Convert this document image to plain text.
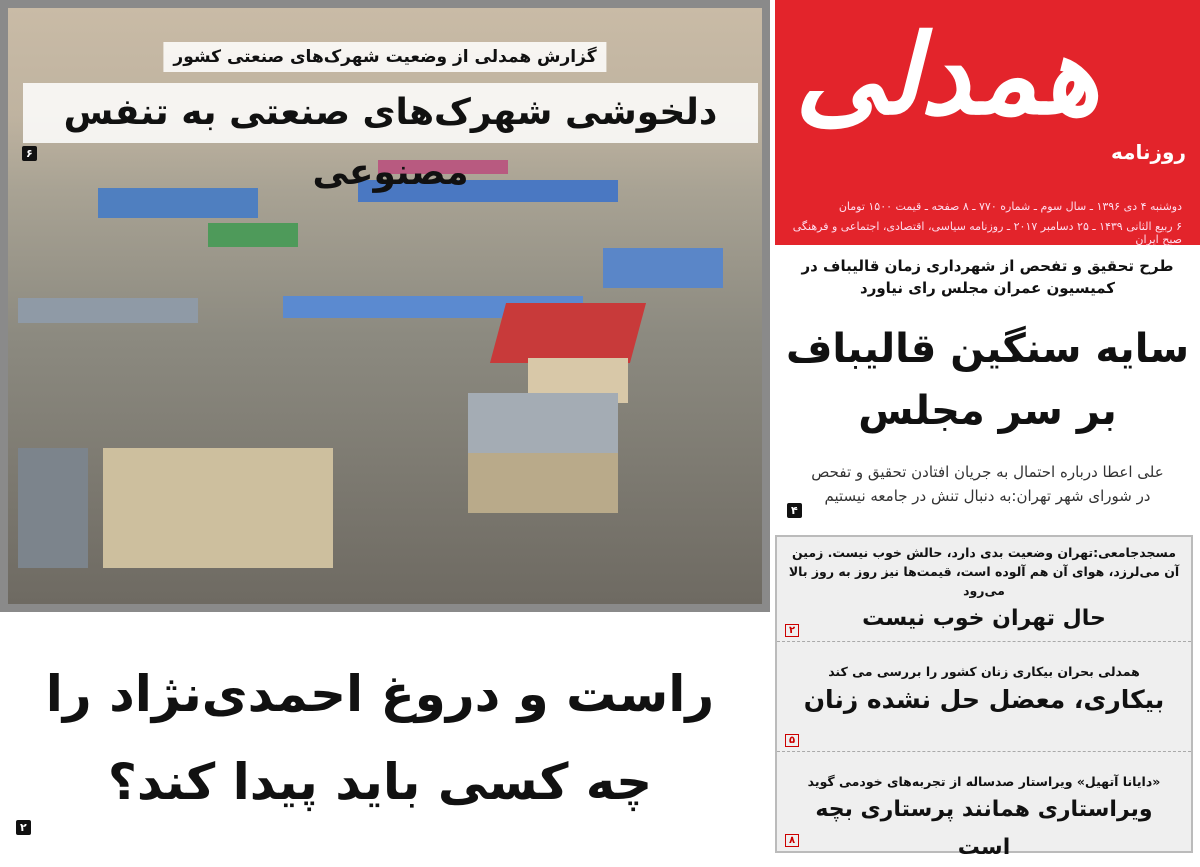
گزارش همدلی از وضعیت شهرک‌های صنعتی کشور
دلخوشی شهرک‌های صنعتی به تنفس مصنوعی
۶
راست و دروغ احمدی‌نژاد را
چه کسی باید پیدا کند؟
۲
همدلی
روزنامه
دوشنبه ۴ دی ۱۳۹۶ ـ سال سوم ـ شماره ۷۷۰ ـ ۸ صفحه ـ قیمت ۱۵۰۰ تومان
۶ ربیع الثانی ۱۴۳۹ ـ ۲۵ دسامبر ۲۰۱۷ ـ روزنامه سیاسی، اقتصادی، اجتماعی و فرهنگی صبح ایران
طرح تحقیق و تفحص از شهرداری زمان قالیباف در کمیسیون عمران مجلس رای نیاورد
سایه سنگین قالیباف
بر سر مجلس
علی اعطا درباره احتمال به جریان افتادن تحقیق و تفحص
در شورای شهر تهران:به دنبال تنش در جامعه نیستیم
۴
مسجدجامعی:تهران وضعیت بدی دارد، حالش خوب نیست. زمین آن می‌لرزد، هوای آن هم آلوده است، قیمت‌ها نیز روز به روز بالا می‌رود
حال تهران خوب نیست
۲
همدلی بحران بیکاری زنان کشور را بررسی می کند
بیکاری، معضل حل نشده زنان
۵
«دایانا آتهیل» ویراستار صدساله از تجربه‌های خودمی گوید
ویراستاری همانند پرستاری بچه است
۸
